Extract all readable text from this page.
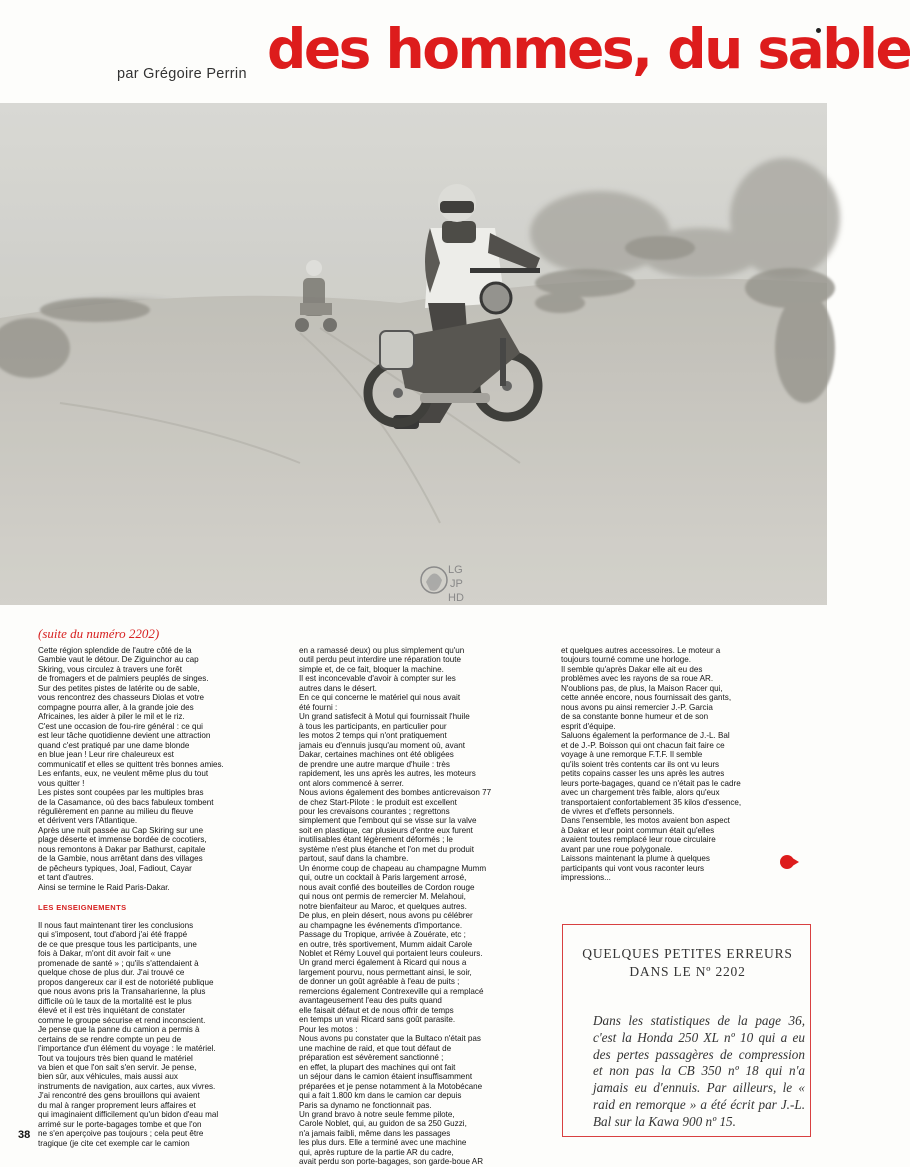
par Grégoire Perrin des hommes, du sable
LG
JP
HD
(suite du numéro 2202)

Cette région splendide de l'autre côté de la
Gambie vaut le détour. De Ziguinchor au cap
Skiring, vous circulez à travers une forêt
de fromagers et de palmiers peuplés de singes.
Sur des petites pistes de latérite ou de sable,
vous rencontrez des chasseurs Diolas et votre
compagne pourra aller, à la grande joie des
Africaines, les aider à piler le mil et le riz.
C'est une occasion de fou-rire général : ce qui
est leur tâche quotidienne devient une attraction
quand c'est pratiqué par une dame blonde
en blue jean ! Leur rire chaleureux est
communicatif et elles se quittent très bonnes amies.
Les enfants, eux, ne veulent même plus du tout
vous quitter !
Les pistes sont coupées par les multiples bras
de la Casamance, où des bacs fabuleux tombent
régulièrement en panne au milieu du fleuve
et dérivent vers l'Atlantique.
Après une nuit passée au Cap Skiring sur une
plage déserte et immense bordée de cocotiers,
nous remontons à Dakar par Bathurst, capitale
de la Gambie, nous arrêtant dans des villages
de pêcheurs typiques, Joal, Fadiout, Cayar
et tant d'autres.
Ainsi se termine le Raid Paris-Dakar.

LES ENSEIGNEMENTS

Il nous faut maintenant tirer les conclusions
qui s'imposent, tout d'abord j'ai été frappé
de ce que presque tous les participants, une
fois à Dakar, m'ont dit avoir fait « une
promenade de santé » ; qu'ils s'attendaient à
quelque chose de plus dur. J'ai trouvé ce
propos dangereux car il est de notoriété publique
que nous avons pris la Transaharienne, la plus
difficile où le taux de la mortalité est le plus
élevé et il est très inquiétant de constater
comme le groupe sécurise et rend inconscient.
Je pense que la panne du camion a permis à
certains de se rendre compte un peu de
l'importance d'un élément du voyage : le matériel.
Tout va toujours très bien quand le matériel
va bien et que l'on sait s'en servir. Je pense,
bien sûr, aux véhicules, mais aussi aux
instruments de navigation, aux cartes, aux vivres.
J'ai rencontré des gens brouillons qui avaient
du mal à ranger proprement leurs affaires et
qui imaginaient difficilement qu'un bidon d'eau mal
arrimé sur le porte-bagages tombe et que l'on
ne s'en aperçoive pas toujours ; cela peut être
tragique (je cite cet exemple car le camion

en a ramassé deux) ou plus simplement qu'un
outil perdu peut interdire une réparation toute
simple et, de ce fait, bloquer la machine.
Il est inconcevable d'avoir à compter sur les
autres dans le désert.
En ce qui concerne le matériel qui nous avait
été fourni :
Un grand satisfecit à Motul qui fournissait l'huile
à tous les participants, en particulier pour
les motos 2 temps qui n'ont pratiquement
jamais eu d'ennuis jusqu'au moment où, avant
Dakar, certaines machines ont été obligées
de prendre une autre marque d'huile : très
rapidement, les uns après les autres, les moteurs
ont alors commencé à serrer.
Nous avions également des bombes anticrevaison 77
de chez Start-Pilote : le produit est excellent
pour les crevaisons courantes ; regrettons
simplement que l'embout qui se visse sur la valve
soit en plastique, car plusieurs d'entre eux furent
inutilisables étant légèrement déformés ; le
système n'est plus étanche et l'on met du produit
partout, sauf dans la chambre.
Un énorme coup de chapeau au champagne Mumm
qui, outre un cocktail à Paris largement arrosé,
nous avait confié des bouteilles de Cordon rouge
qui nous ont permis de remercier M. Melahoui,
notre bienfaiteur au Maroc, et quelques autres.
De plus, en plein désert, nous avons pu célébrer
au champagne les événements d'importance.
Passage du Tropique, arrivée à Zouérate, etc ;
en outre, très sportivement, Mumm aidait Carole
Noblet et Rémy Louvel qui portaient leurs couleurs.
Un grand merci également à Ricard qui nous a
largement pourvu, nous permettant ainsi, le soir,
de donner un goût agréable à l'eau de puits ;
remercions également Contrexeville qui a remplacé
avantageusement l'eau des puits quand
elle faisait défaut et de nous offrir de temps
en temps un vrai Ricard sans goût parasite.
Pour les motos :
Nous avons pu constater que la Bultaco n'était pas
une machine de raid, et que tout défaut de
préparation est sévèrement sanctionné ;
en effet, la plupart des machines qui ont fait
un séjour dans le camion étaient insuffisamment
préparées et je pense notamment à la Motobécane
qui a fait 1.800 km dans le camion car depuis
Paris sa dynamo ne fonctionnait pas.
Un grand bravo à notre seule femme pilote,
Carole Noblet, qui, au guidon de sa 250 Guzzi,
n'a jamais faibli, même dans les passages
les plus durs. Elle a terminé avec une machine
qui, après rupture de la partie AR du cadre,
avait perdu son porte-bagages, son garde-boue AR

et quelques autres accessoires. Le moteur a
toujours tourné comme une horloge.
Il semble qu'après Dakar elle ait eu des
problèmes avec les rayons de sa roue AR.
N'oublions pas, de plus, la Maison Racer qui,
cette année encore, nous fournissait des gants,
nous avons pu ainsi remercier J.-P. Garcia
de sa constante bonne humeur et de son
esprit d'équipe.
Saluons également la performance de J.-L. Bal
et de J.-P. Boisson qui ont chacun fait faire ce
voyage à une remorque F.T.F. Il semble
qu'ils soient très contents car ils ont vu leurs
petits copains casser les uns après les autres
leurs porte-bagages, quand ce n'était pas le cadre
avec un chargement très faible, alors qu'eux
transportaient confortablement 35 kilos d'essence,
de vivres et d'effets personnels.
Dans l'ensemble, les motos avaient bon aspect
à Dakar et leur point commun était qu'elles
avaient toutes remplacé leur roue circulaire
avant par une roue polygonale.
Laissons maintenant la plume à quelques
participants qui vont vous raconter leurs
impressions...

QUELQUES PETITES ERREURS
DANS LE Nº 2202
Dans les statistiques de la page 36, c'est la Honda 250 XL nº 10 qui a eu des pertes passagères de compression et non pas la CB 350 nº 18 qui n'a jamais eu d'ennuis. Par ailleurs, le « raid en remorque » a été écrit par J.-L. Bal sur la Kawa 900 nº 15.
38
